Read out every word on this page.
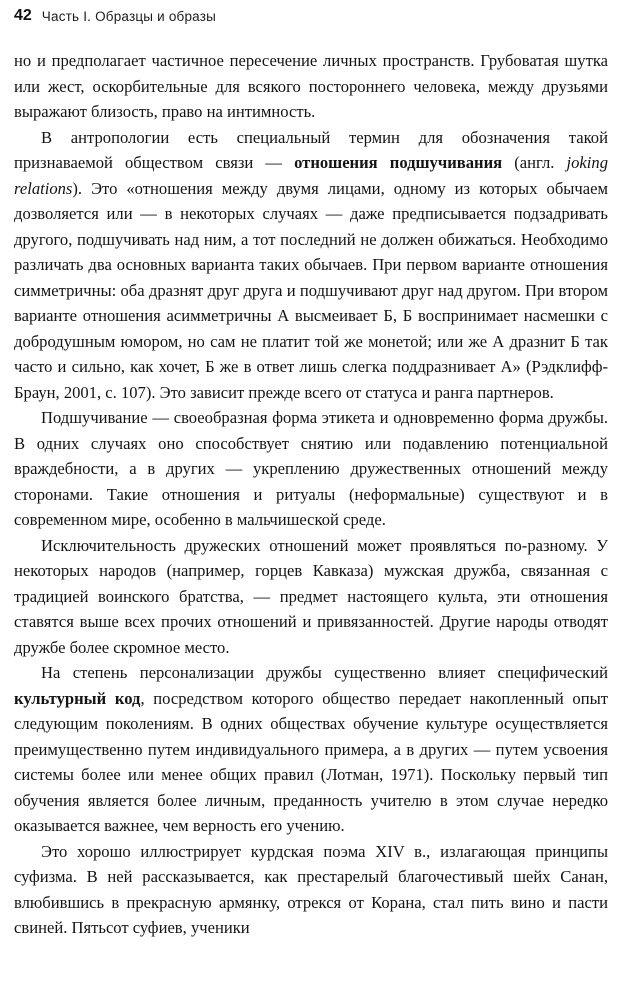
42 Часть I. Образцы и образы

но и предполагает частичное пересечение личных пространств. Грубоватая шутка или жест, оскорбительные для всякого постороннего человека, между друзьями выражают близость, право на интимность.

В антропологии есть специальный термин для обозначения такой признаваемой обществом связи — отношения подшучивания (англ. joking relations). Это «отношения между двумя лицами, одному из которых обычаем дозволяется или — в некоторых случаях — даже предписывается подзадривать другого, подшучивать над ним, а тот последний не должен обижаться. Необходимо различать два основных варианта таких обычаев. При первом варианте отношения симметричны: оба дразнят друг друга и подшучивают друг над другом. При втором варианте отношения асимметричны А высмеивает Б, Б воспринимает насмешки с добродушным юмором, но сам не платит той же монетой; или же А дразнит Б так часто и сильно, как хочет, Б же в ответ лишь слегка поддразнивает А» (Рэдклифф-Браун, 2001, с. 107). Это зависит прежде всего от статуса и ранга партнеров.

Подшучивание — своеобразная форма этикета и одновременно форма дружбы. В одних случаях оно способствует снятию или подавлению потенциальной враждебности, а в других — укреплению дружественных отношений между сторонами. Такие отношения и ритуалы (неформальные) существуют и в современном мире, особенно в мальчишеской среде.

Исключительность дружеских отношений может проявляться по-разному. У некоторых народов (например, горцев Кавказа) мужская дружба, связанная с традицией воинского братства, — предмет настоящего культа, эти отношения ставятся выше всех прочих отношений и привязанностей. Другие народы отводят дружбе более скромное место.

На степень персонализации дружбы существенно влияет специфический культурный код, посредством которого общество передает накопленный опыт следующим поколениям. В одних обществах обучение культуре осуществляется преимущественно путем индивидуального примера, а в других — путем усвоения системы более или менее общих правил (Лотман, 1971). Поскольку первый тип обучения является более личным, преданность учителю в этом случае нередко оказывается важнее, чем верность его учению.

Это хорошо иллюстрирует курдская поэма XIV в., излагающая принципы суфизма. В ней рассказывается, как престарелый благочестивый шейх Санан, влюбившись в прекрасную армянку, отрекся от Корана, стал пить вино и пасти свиней. Пятьсот суфиев, ученики
